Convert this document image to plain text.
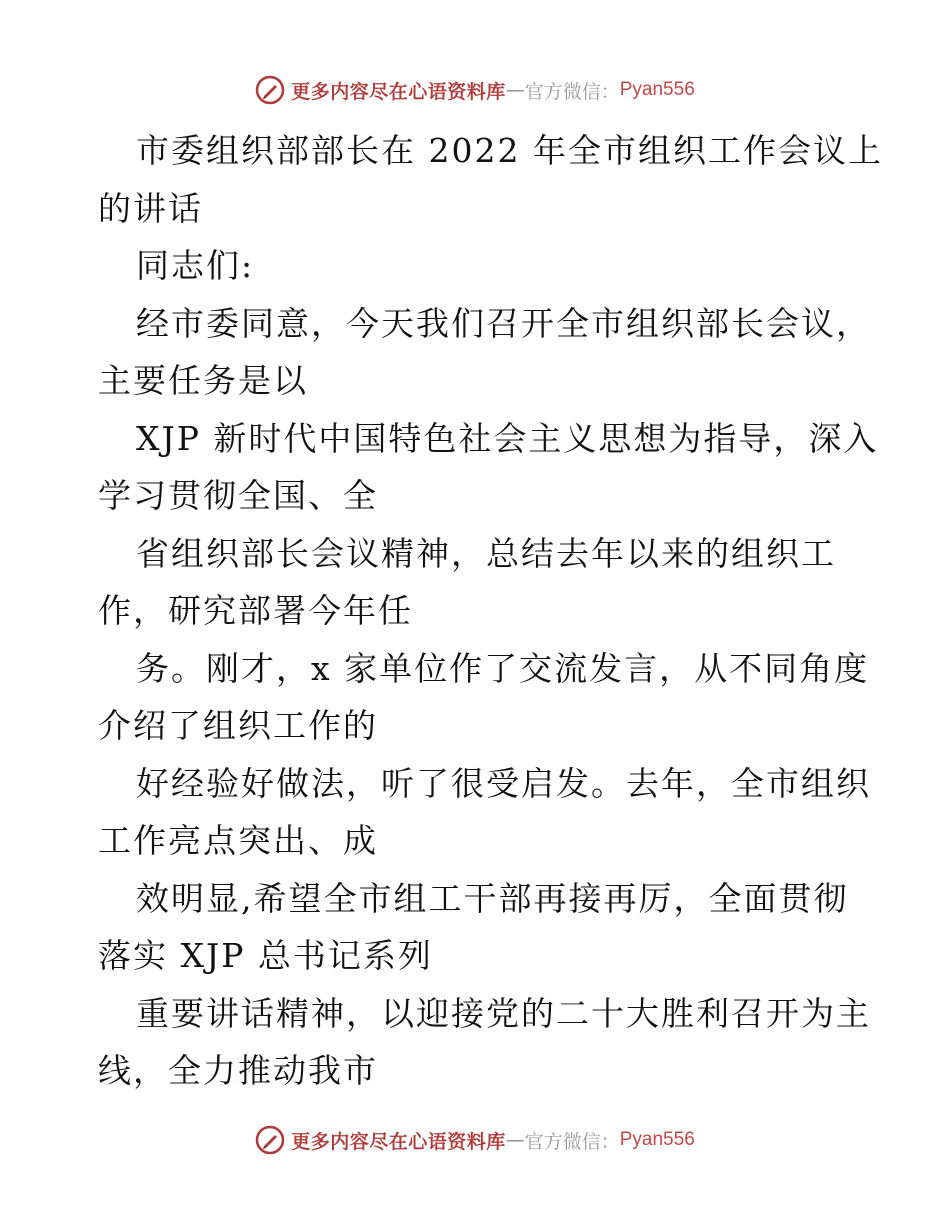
更多内容尽在心语资料库 — 官方微信： Pyan556
市委组织部部长在 2022 年全市组织工作会议上
的讲话
同志们:
经市委同意，今天我们召开全市组织部长会议，
主要任务是以
XJP 新时代中国特色社会主义思想为指导，深入
学习贯彻全国、全
省组织部长会议精神，总结去年以来的组织工
作，研究部署今年任
务。刚才，x 家单位作了交流发言，从不同角度
介绍了组织工作的
好经验好做法，听了很受启发。去年，全市组织
工作亮点突出、成
效明显,希望全市组工干部再接再厉，全面贯彻
落实 XJP 总书记系列
重要讲话精神，以迎接党的二十大胜利召开为主
线，全力推动我市
更多内容尽在心语资料库 — 官方微信： Pyan556
